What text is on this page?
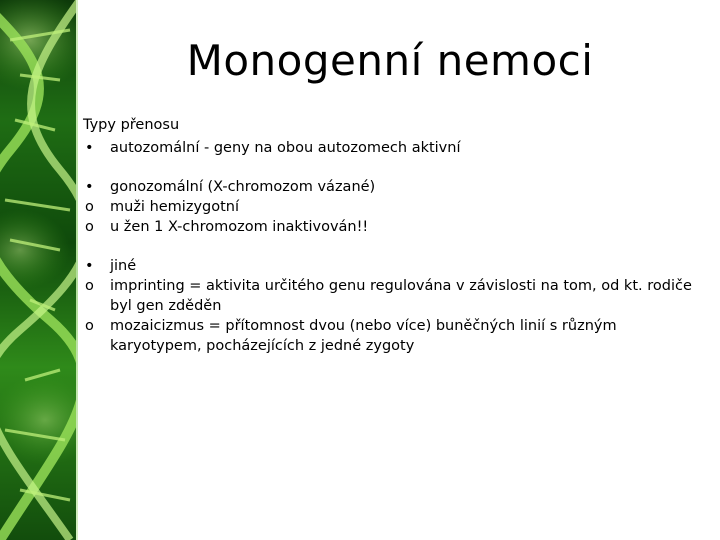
Monogenní nemoci
Typy přenosu
•	autozomální - geny na obou autozomech aktivní
•	gonozomální (X-chromozom vázané)
o	muži hemizygotní
o	u žen 1 X-chromozom inaktivován!!
•	jiné
o	imprinting = aktivita určitého genu regulována v závislosti na tom, od kt. rodiče byl gen zděděn
o	mozaicizmus = přítomnost dvou (nebo více) buněčných linií s různým karyotypem, pocházejících z jedné zygoty
